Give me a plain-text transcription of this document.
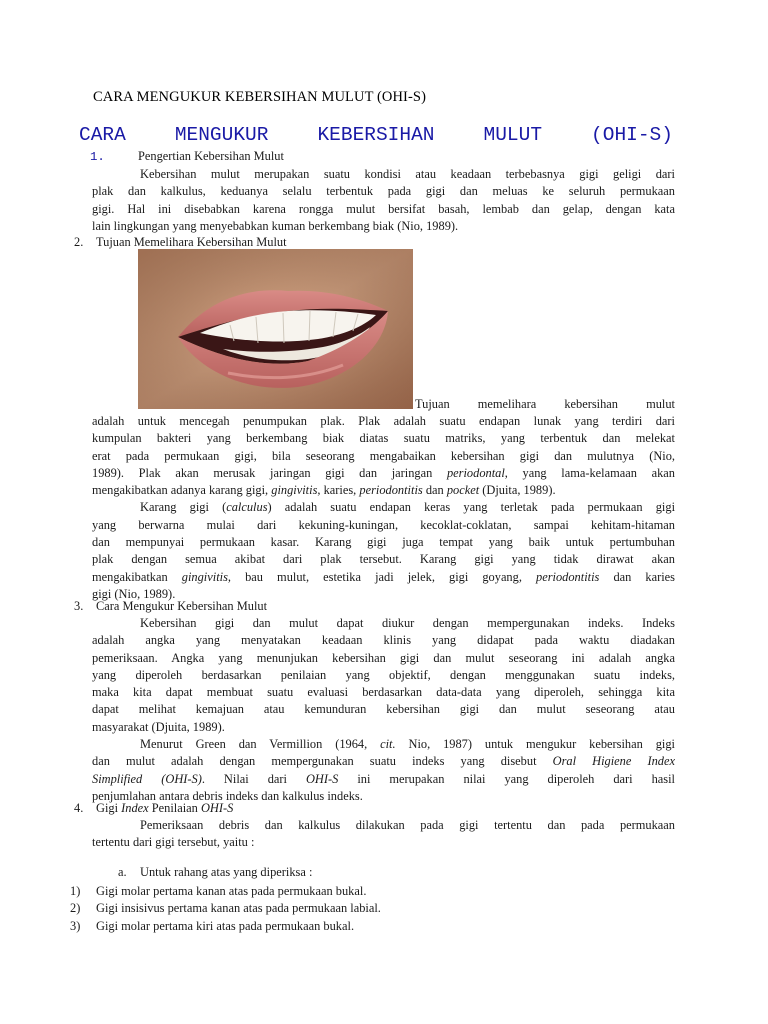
CARA MENGUKUR KEBERSIHAN MULUT (OHI-S)
CARA	MENGUKUR	KEBERSIHAN	MULUT	(OHI-S)
1.	Pengertian Kebersihan Mulut
Kebersihan mulut merupakan suatu kondisi atau keadaan terbebasnya gigi geligi dari
plak dan kalkulus, keduanya selalu terbentuk pada gigi dan meluas ke seluruh permukaan
gigi. Hal ini disebabkan karena rongga mulut bersifat basah, lembab dan gelap, dengan kata
lain lingkungan yang menyebabkan kuman berkembang biak (Nio, 1989).
2. Tujuan Memelihara Kebersihan Mulut
Tujuan memelihara kebersihan mulut
adalah untuk mencegah penumpukan plak. Plak adalah suatu endapan lunak yang terdiri dari
kumpulan bakteri yang berkembang biak diatas suatu matriks, yang terbentuk dan melekat
erat pada permukaan gigi, bila seseorang mengabaikan kebersihan gigi dan mulutnya (Nio,
1989). Plak akan merusak jaringan gigi dan jaringan periodontal, yang lama-kelamaan akan
mengakibatkan adanya karang gigi, gingivitis, karies, periodontitis dan pocket (Djuita, 1989).
Karang gigi (calculus) adalah suatu endapan keras yang terletak pada permukaan gigi
yang berwarna mulai dari kekuning-kuningan, kecoklat-coklatan, sampai kehitam-hitaman
dan mempunyai permukaan kasar. Karang gigi juga tempat yang baik untuk pertumbuhan
plak dengan semua akibat dari plak tersebut. Karang gigi yang tidak dirawat akan
mengakibatkan gingivitis, bau mulut, estetika jadi jelek, gigi goyang, periodontitis dan karies
gigi (Nio, 1989).
3. Cara Mengukur Kebersihan Mulut
Kebersihan gigi dan mulut dapat diukur dengan mempergunakan indeks. Indeks
adalah angka yang menyatakan keadaan klinis yang didapat pada waktu diadakan
pemeriksaan. Angka yang menunjukan kebersihan gigi dan mulut seseorang ini adalah angka
yang diperoleh berdasarkan penilaian yang objektif, dengan menggunakan suatu indeks,
maka kita dapat membuat suatu evaluasi berdasarkan data-data yang diperoleh, sehingga kita
dapat melihat kemajuan atau kemunduran kebersihan gigi dan mulut seseorang atau
masyarakat (Djuita, 1989).
Menurut Green dan Vermillion (1964, cit. Nio, 1987) untuk mengukur kebersihan gigi
dan mulut adalah dengan mempergunakan suatu indeks yang disebut Oral Higiene Index
Simplified (OHI-S). Nilai dari OHI-S ini merupakan nilai yang diperoleh dari hasil
penjumlahan antara debris indeks dan kalkulus indeks.
4. Gigi Index Penilaian OHI-S
Pemeriksaan debris dan kalkulus dilakukan pada gigi tertentu dan pada permukaan
tertentu dari gigi tersebut, yaitu :
a. Untuk rahang atas yang diperiksa :
1) Gigi molar pertama kanan atas pada permukaan bukal.
2) Gigi insisivus pertama kanan atas pada permukaan labial.
3) Gigi molar pertama kiri atas pada permukaan bukal.
